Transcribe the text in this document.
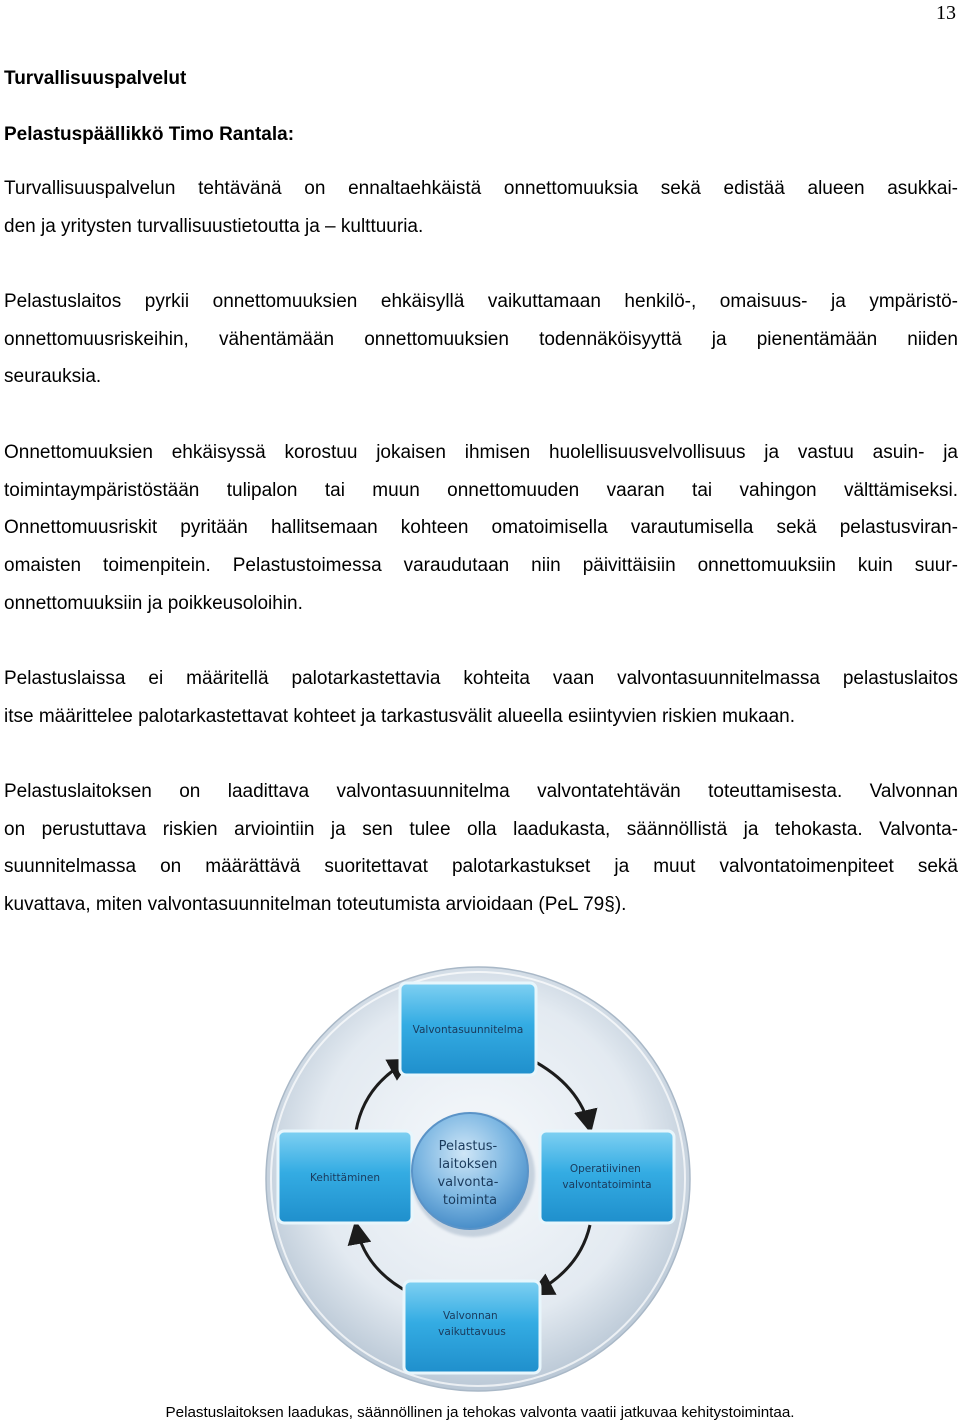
13
Turvallisuuspalvelut
Pelastuspäällikkö Timo Rantala:

Turvallisuuspalvelun tehtävänä on ennaltaehkäistä onnettomuuksia sekä edistää alueen asukkai-
den ja yritysten turvallisuustietoutta ja – kulttuuria.

Pelastuslaitos pyrkii onnettomuuksien ehkäisyllä vaikuttamaan henkilö-, omaisuus- ja ympäristö-
onnettomuusriskeihin, vähentämään onnettomuuksien todennäköisyyttä ja pienentämään niiden
seurauksia.

Onnettomuuksien ehkäisyssä korostuu jokaisen ihmisen huolellisuusvelvollisuus ja vastuu asuin- ja
toimintaympäristöstään tulipalon tai muun onnettomuuden vaaran tai vahingon välttämiseksi.
Onnettomuusriskit pyritään hallitsemaan kohteen omatoimisella varautumisella sekä pelastusviran-
omaisten toimenpitein. Pelastustoimessa varaudutaan niin päivittäisiin onnettomuuksiin kuin suur-
onnettomuuksiin ja poikkeusoloihin.

Pelastuslaissa ei määritellä palotarkastettavia kohteita vaan valvontasuunnitelmassa pelastuslaitos
itse määrittelee palotarkastettavat kohteet ja tarkastusvälit alueella esiintyvien riskien mukaan.

Pelastuslaitoksen on laadittava valvontasuunnitelma valvontatehtävän toteuttamisesta. Valvonnan
on perustuttava riskien arviointiin ja sen tulee olla laadukasta, säännöllistä ja tehokasta. Valvonta-
suunnitelmassa on määrättävä suoritettavat palotarkastukset ja muut valvontatoimenpiteet sekä
kuvattava, miten valvontasuunnitelman toteutumista arvioidaan (PeL 79§).

Pelastus- laitoksen valvonta- toiminta
Valvontasuunnitelma
Operatiivinen valvontatoiminta
Valvonnan vaikuttavuus
Kehittäminen
Pelastuslaitoksen laadukas, säännöllinen ja tehokas valvonta vaatii jatkuvaa kehitystoimintaa.
